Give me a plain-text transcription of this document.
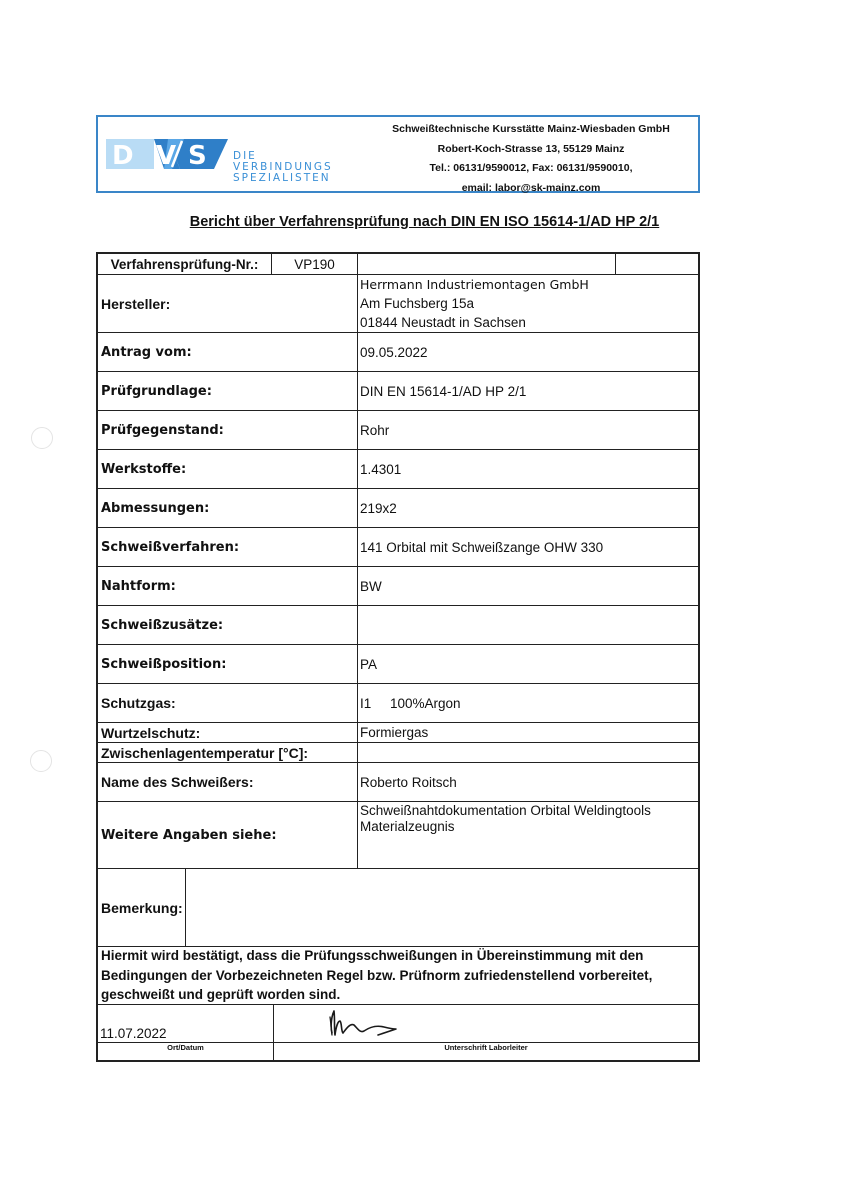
D V S	DIE VERBINDUNGS
SPEZIALISTEN
Schweißtechnische Kursstätte Mainz-Wiesbaden GmbH
Robert-Koch-Strasse 13, 55129 Mainz
Tel.: 06131/9590012, Fax: 06131/9590010,
email: labor@sk-mainz.com
Bericht über Verfahrensprüfung nach DIN EN ISO 15614-1/AD HP 2/1
Verfahrensprüfung-Nr.:	VP190
Hersteller:
Herrmann Industriemontagen GmbH
Am Fuchsberg 15a
01844 Neustadt in Sachsen
Antrag vom:	09.05.2022
Prüfgrundlage:	DIN EN 15614-1/AD HP 2/1
Prüfgegenstand:	Rohr
Werkstoffe:	1.4301
Abmessungen:	219x2
Schweißverfahren:	141 Orbital mit Schweißzange OHW 330
Nahtform:	BW
Schweißzusätze:
Schweißposition:	PA
Schutzgas:	I1     100%Argon
Wurtzelschutz:	Formiergas
Zwischenlagentemperatur [°C]:
Name des Schweißers:	Roberto Roitsch
Weitere Angaben siehe:
Schweißnahtdokumentation Orbital Weldingtools
Materialzeugnis
Bemerkung:
Hiermit wird bestätigt, dass die Prüfungsschweißungen in Übereinstimmung mit den Bedingungen der Vorbezeichneten Regel bzw. Prüfnorm zufriedenstellend vorbereitet, geschweißt und geprüft worden sind.
11.07.2022
Ort/Datum	Unterschrift Laborleiter
